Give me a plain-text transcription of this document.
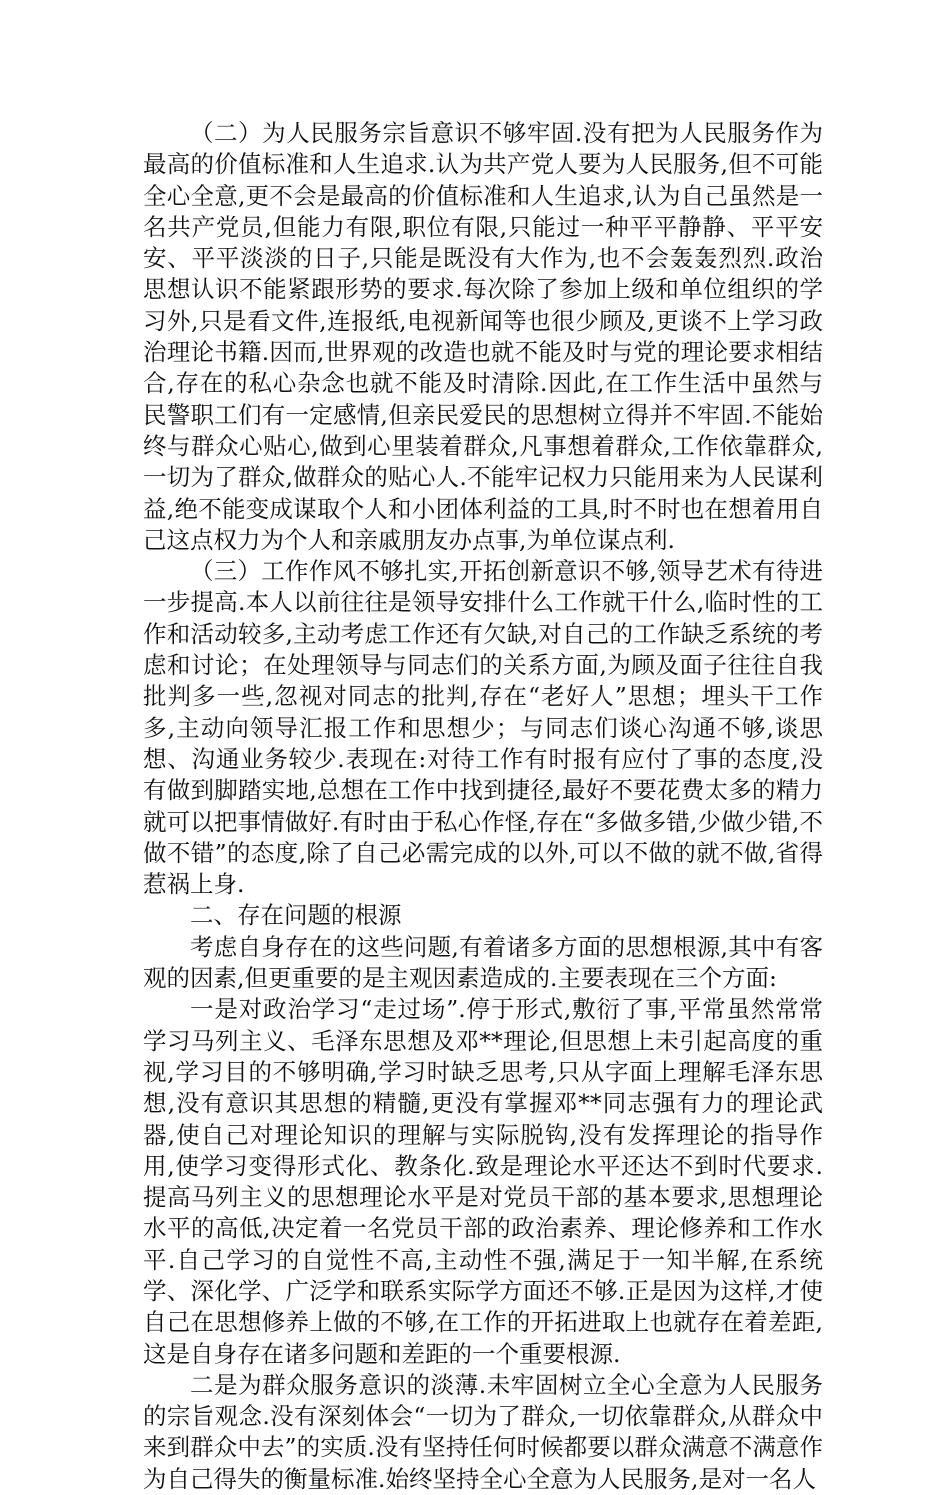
（二）为人民服务宗旨意识不够牢固.没有把为人民服务作为最高的价值标准和人生追求.认为共产党人要为人民服务,但不可能全心全意,更不会是最高的价值标准和人生追求,认为自己虽然是一名共产党员,但能力有限,职位有限,只能过一种平平静静、平平安安、平平淡淡的日子,只能是既没有大作为,也不会轰轰烈烈.政治思想认识不能紧跟形势的要求.每次除了参加上级和单位组织的学习外,只是看文件,连报纸,电视新闻等也很少顾及,更谈不上学习政治理论书籍.因而,世界观的改造也就不能及时与党的理论要求相结合,存在的私心杂念也就不能及时清除.因此,在工作生活中虽然与民警职工们有一定感情,但亲民爱民的思想树立得并不牢固.不能始终与群众心贴心,做到心里装着群众,凡事想着群众,工作依靠群众,一切为了群众,做群众的贴心人.不能牢记权力只能用来为人民谋利益,绝不能变成谋取个人和小团体利益的工具,时不时也在想着用自己这点权力为个人和亲戚朋友办点事,为单位谋点利.

（三）工作作风不够扎实,开拓创新意识不够,领导艺术有待进一步提高.本人以前往往是领导安排什么工作就干什么,临时性的工作和活动较多,主动考虑工作还有欠缺,对自己的工作缺乏系统的考虑和讨论；在处理领导与同志们的关系方面,为顾及面子往往自我批判多一些,忽视对同志的批判,存在“老好人”思想；埋头干工作多,主动向领导汇报工作和思想少；与同志们谈心沟通不够,谈思想、沟通业务较少.表现在:对待工作有时报有应付了事的态度,没有做到脚踏实地,总想在工作中找到捷径,最好不要花费太多的精力就可以把事情做好.有时由于私心作怪,存在“多做多错,少做少错,不做不错”的态度,除了自己必需完成的以外,可以不做的就不做,省得惹祸上身.

二、存在问题的根源

考虑自身存在的这些问题,有着诸多方面的思想根源,其中有客观的因素,但更重要的是主观因素造成的.主要表现在三个方面:

一是对政治学习“走过场”.停于形式,敷衍了事,平常虽然常常学习马列主义、毛泽东思想及邓**理论,但思想上未引起高度的重视,学习目的不够明确,学习时缺乏思考,只从字面上理解毛泽东思想,没有意识其思想的精髓,更没有掌握邓**同志强有力的理论武器,使自己对理论知识的理解与实际脱钩,没有发挥理论的指导作用,使学习变得形式化、教条化.致是理论水平还达不到时代要求.提高马列主义的思想理论水平是对党员干部的基本要求,思想理论水平的高低,决定着一名党员干部的政治素养、理论修养和工作水平.自己学习的自觉性不高,主动性不强,满足于一知半解,在系统学、深化学、广泛学和联系实际学方面还不够.正是因为这样,才使自己在思想修养上做的不够,在工作的开拓进取上也就存在着差距,这是自身存在诸多问题和差距的一个重要根源.

二是为群众服务意识的淡薄.未牢固树立全心全意为人民服务的宗旨观念.没有深刻体会“一切为了群众,一切依靠群众,从群众中来到群众中去”的实质.没有坚持任何时候都要以群众满意不满意作为自己得失的衡量标准.始终坚持全心全意为人民服务,是对一名人
